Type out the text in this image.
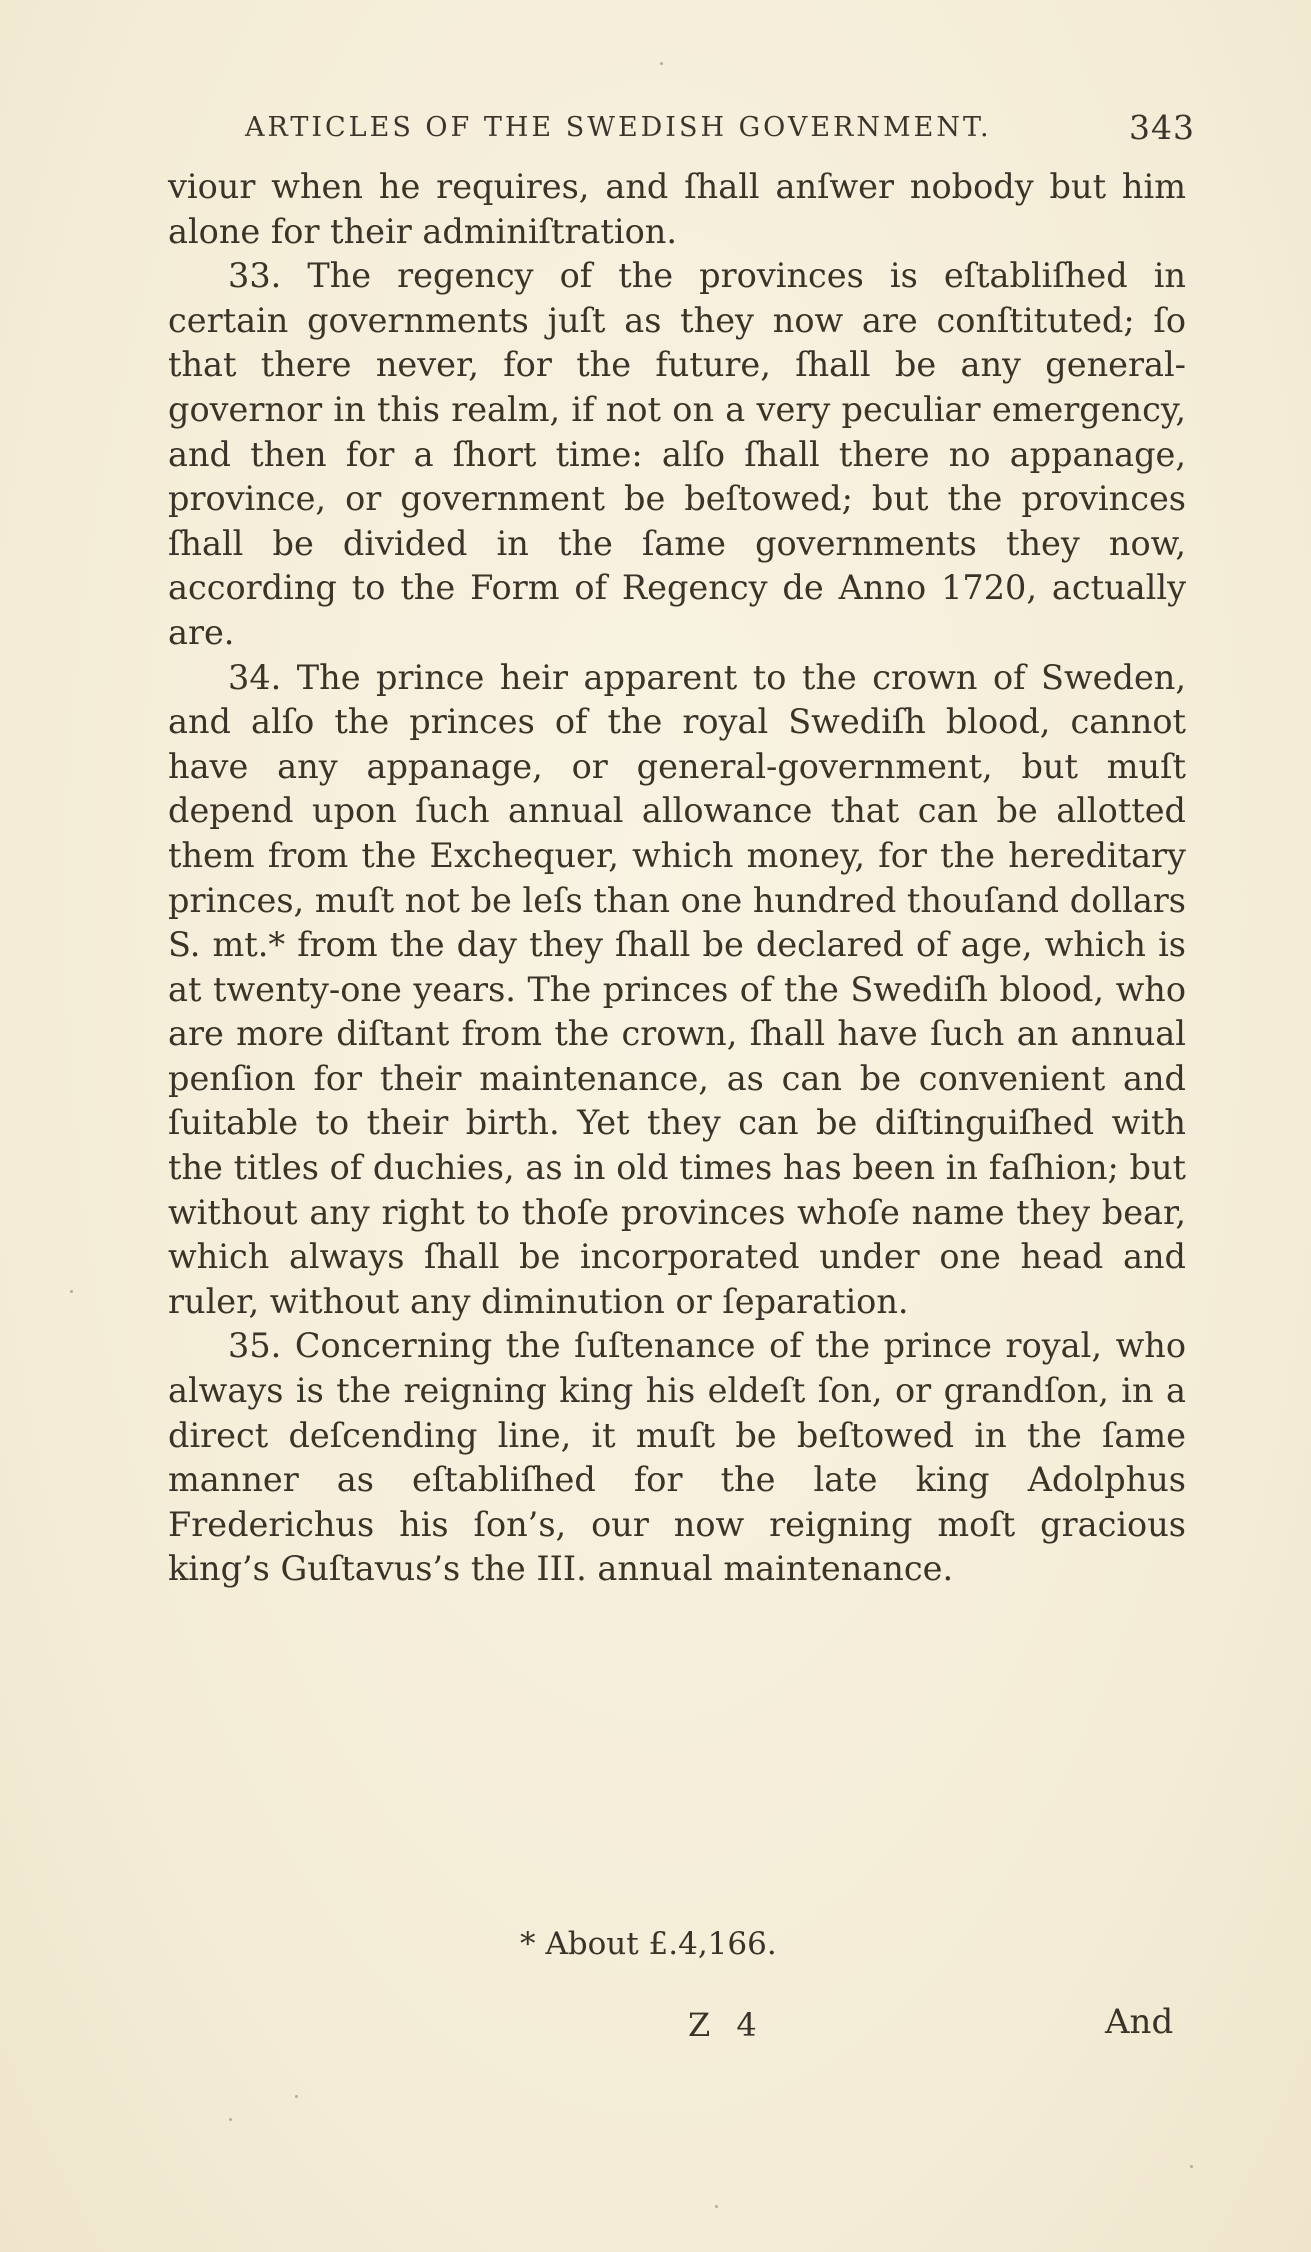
ARTICLES OF THE SWEDISH GOVERNMENT.	343

viour when he requires, and ſhall anſwer nobody but him alone for their adminiſtration.

33. The regency of the provinces is eſtabliſhed in certain governments juſt as they now are conſtituted; ſo that there never, for the future, ſhall be any general-governor in this realm, if not on a very peculiar emergency, and then for a ſhort time: alſo ſhall there no appanage, province, or government be beſtowed; but the provinces ſhall be divided in the ſame governments they now, according to the Form of Regency de Anno 1720, actually are.

34. The prince heir apparent to the crown of Sweden, and alſo the princes of the royal Swediſh blood, cannot have any appanage, or general-government, but muſt depend upon ſuch annual allowance that can be allotted them from the Exchequer, which money, for the hereditary princes, muſt not be leſs than one hundred thouſand dollars S. mt.* from the day they ſhall be declared of age, which is at twenty-one years. The princes of the Swediſh blood, who are more diſtant from the crown, ſhall have ſuch an annual penſion for their maintenance, as can be convenient and ſuitable to their birth. Yet they can be diſtinguiſhed with the titles of duchies, as in old times has been in faſhion; but without any right to thoſe provinces whoſe name they bear, which always ſhall be incorporated under one head and ruler, without any diminution or ſeparation.

35. Concerning the ſuſtenance of the prince royal, who always is the reigning king his eldeſt ſon, or grandſon, in a direct deſcending line, it muſt be beſtowed in the ſame manner as eſtabliſhed for the late king Adolphus Frederichus his ſon’s, our now reigning moſt gracious king’s Guſtavus’s the III. annual maintenance.

* About £.4,166.
Z 4	And
